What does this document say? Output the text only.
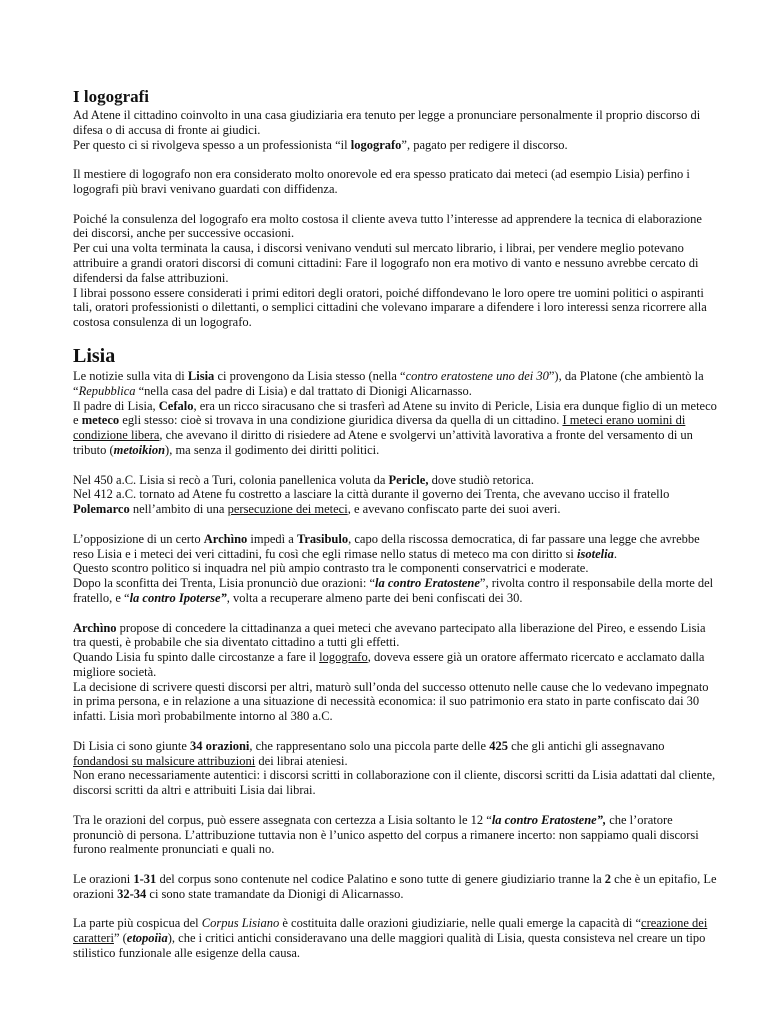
I logografi

Ad Atene il cittadino coinvolto in una casa giudiziaria era tenuto per legge a pronunciare personalmente il proprio discorso di difesa o di accusa di fronte ai giudici.
Per questo ci si rivolgeva spesso a un professionista “il logografo”, pagato per redigere il discorso.

Il mestiere di logografo non era considerato molto onorevole ed era spesso praticato dai meteci (ad esempio Lisia) perfino i logografi più bravi venivano guardati con diffidenza.

Poiché la consulenza del logografo era molto costosa il cliente aveva tutto l’interesse ad apprendere la tecnica di elaborazione dei discorsi, anche per successive occasioni.
Per cui una volta terminata la causa, i discorsi venivano venduti sul mercato librario, i librai, per vendere meglio potevano attribuire a grandi oratori discorsi di comuni cittadini: Fare il logografo non era motivo di vanto e nessuno avrebbe cercato di difendersi da false attribuzioni.
I librai possono essere considerati i primi editori degli oratori, poiché diffondevano le loro opere tre uomini politici o aspiranti tali, oratori professionisti o dilettanti, o semplici cittadini che volevano imparare a difendere i loro interessi senza ricorrere alla costosa consulenza di un logografo.

Lisia

Le notizie sulla vita di Lisia ci provengono da Lisia stesso (nella “contro eratostene uno dei 30”), da Platone (che ambientò la “Repubblica “nella casa del padre di Lisia) e dal trattato di Dionigi Alicarnasso.
Il padre di Lisia, Cefalo, era un ricco siracusano che si trasferì ad Atene su invito di Pericle, Lisia era dunque figlio di un meteco e meteco egli stesso: cioè si trovava in una condizione giuridica diversa da quella di un cittadino. I meteci erano uomini di condizione libera, che avevano il diritto di risiedere ad Atene e svolgervi un’attività lavorativa a fronte del versamento di un tributo (metoikion), ma senza il godimento dei diritti politici.

Nel 450 a.C. Lisia si recò a Turi, colonia panellenica voluta da Pericle, dove studiò retorica.
Nel 412 a.C. tornato ad Atene fu costretto a lasciare la città durante il governo dei Trenta, che avevano ucciso il fratello Polemarco nell’ambito di una persecuzione dei meteci, e avevano confiscato parte dei suoi averi.

L’opposizione di un certo Archìno impedì a Trasibulo, capo della riscossa democratica, di far passare una legge che avrebbe reso Lisia e i meteci dei veri cittadini, fu così che egli rimase nello status di meteco ma con diritto si isotelia.
Questo scontro politico si inquadra nel più ampio contrasto tra le componenti conservatrici e moderate.
Dopo la sconfitta dei Trenta, Lisia pronunciò due orazioni: “la contro Eratostene”, rivolta contro il responsabile della morte del fratello, e “la contro Ipoterse”, volta a recuperare almeno parte dei beni confiscati dei 30.

Archìno propose di concedere la cittadinanza a quei meteci che avevano partecipato alla liberazione del Pireo, e essendo Lisia tra questi, è probabile che sia diventato cittadino a tutti gli effetti.
Quando Lisia fu spinto dalle circostanze a fare il logografo, doveva essere già un oratore affermato ricercato e acclamato dalla migliore società.
La decisione di scrivere questi discorsi per altri, maturò sull’onda del successo ottenuto nelle cause che lo vedevano impegnato in prima persona, e in relazione a una situazione di necessità economica: il suo patrimonio era stato in parte confiscato dai 30 infatti. Lisia morì probabilmente intorno al 380 a.C.

Di Lisia ci sono giunte 34 orazioni, che rappresentano solo una piccola parte delle 425 che gli antichi gli assegnavano fondandosi su malsicure attribuzioni dei librai ateniesi.
Non erano necessariamente autentici: i discorsi scritti in collaborazione con il cliente, discorsi scritti da Lisia adattati dal cliente, discorsi scritti da altri e attribuiti Lisia dai librai.

Tra le orazioni del corpus, può essere assegnata con certezza a Lisia soltanto le 12 “la contro Eratostene”, che l’oratore pronunciò di persona. L’attribuzione tuttavia non è l’unico aspetto del corpus a rimanere incerto: non sappiamo quali discorsi furono realmente pronunciati e quali no.

Le orazioni 1-31 del corpus sono contenute nel codice Palatino e sono tutte di genere giudiziario tranne la 2 che è un epitafio, Le orazioni 32-34 ci sono state tramandate da Dionigi di Alicarnasso.

La parte più cospicua del Corpus Lisiano è costituita dalle orazioni giudiziarie, nelle quali emerge la capacità di “creazione dei caratteri” (etopoiìa), che i critici antichi consideravano una delle maggiori qualità di Lisia, questa consisteva nel creare un tipo stilistico funzionale alle esigenze della causa.
